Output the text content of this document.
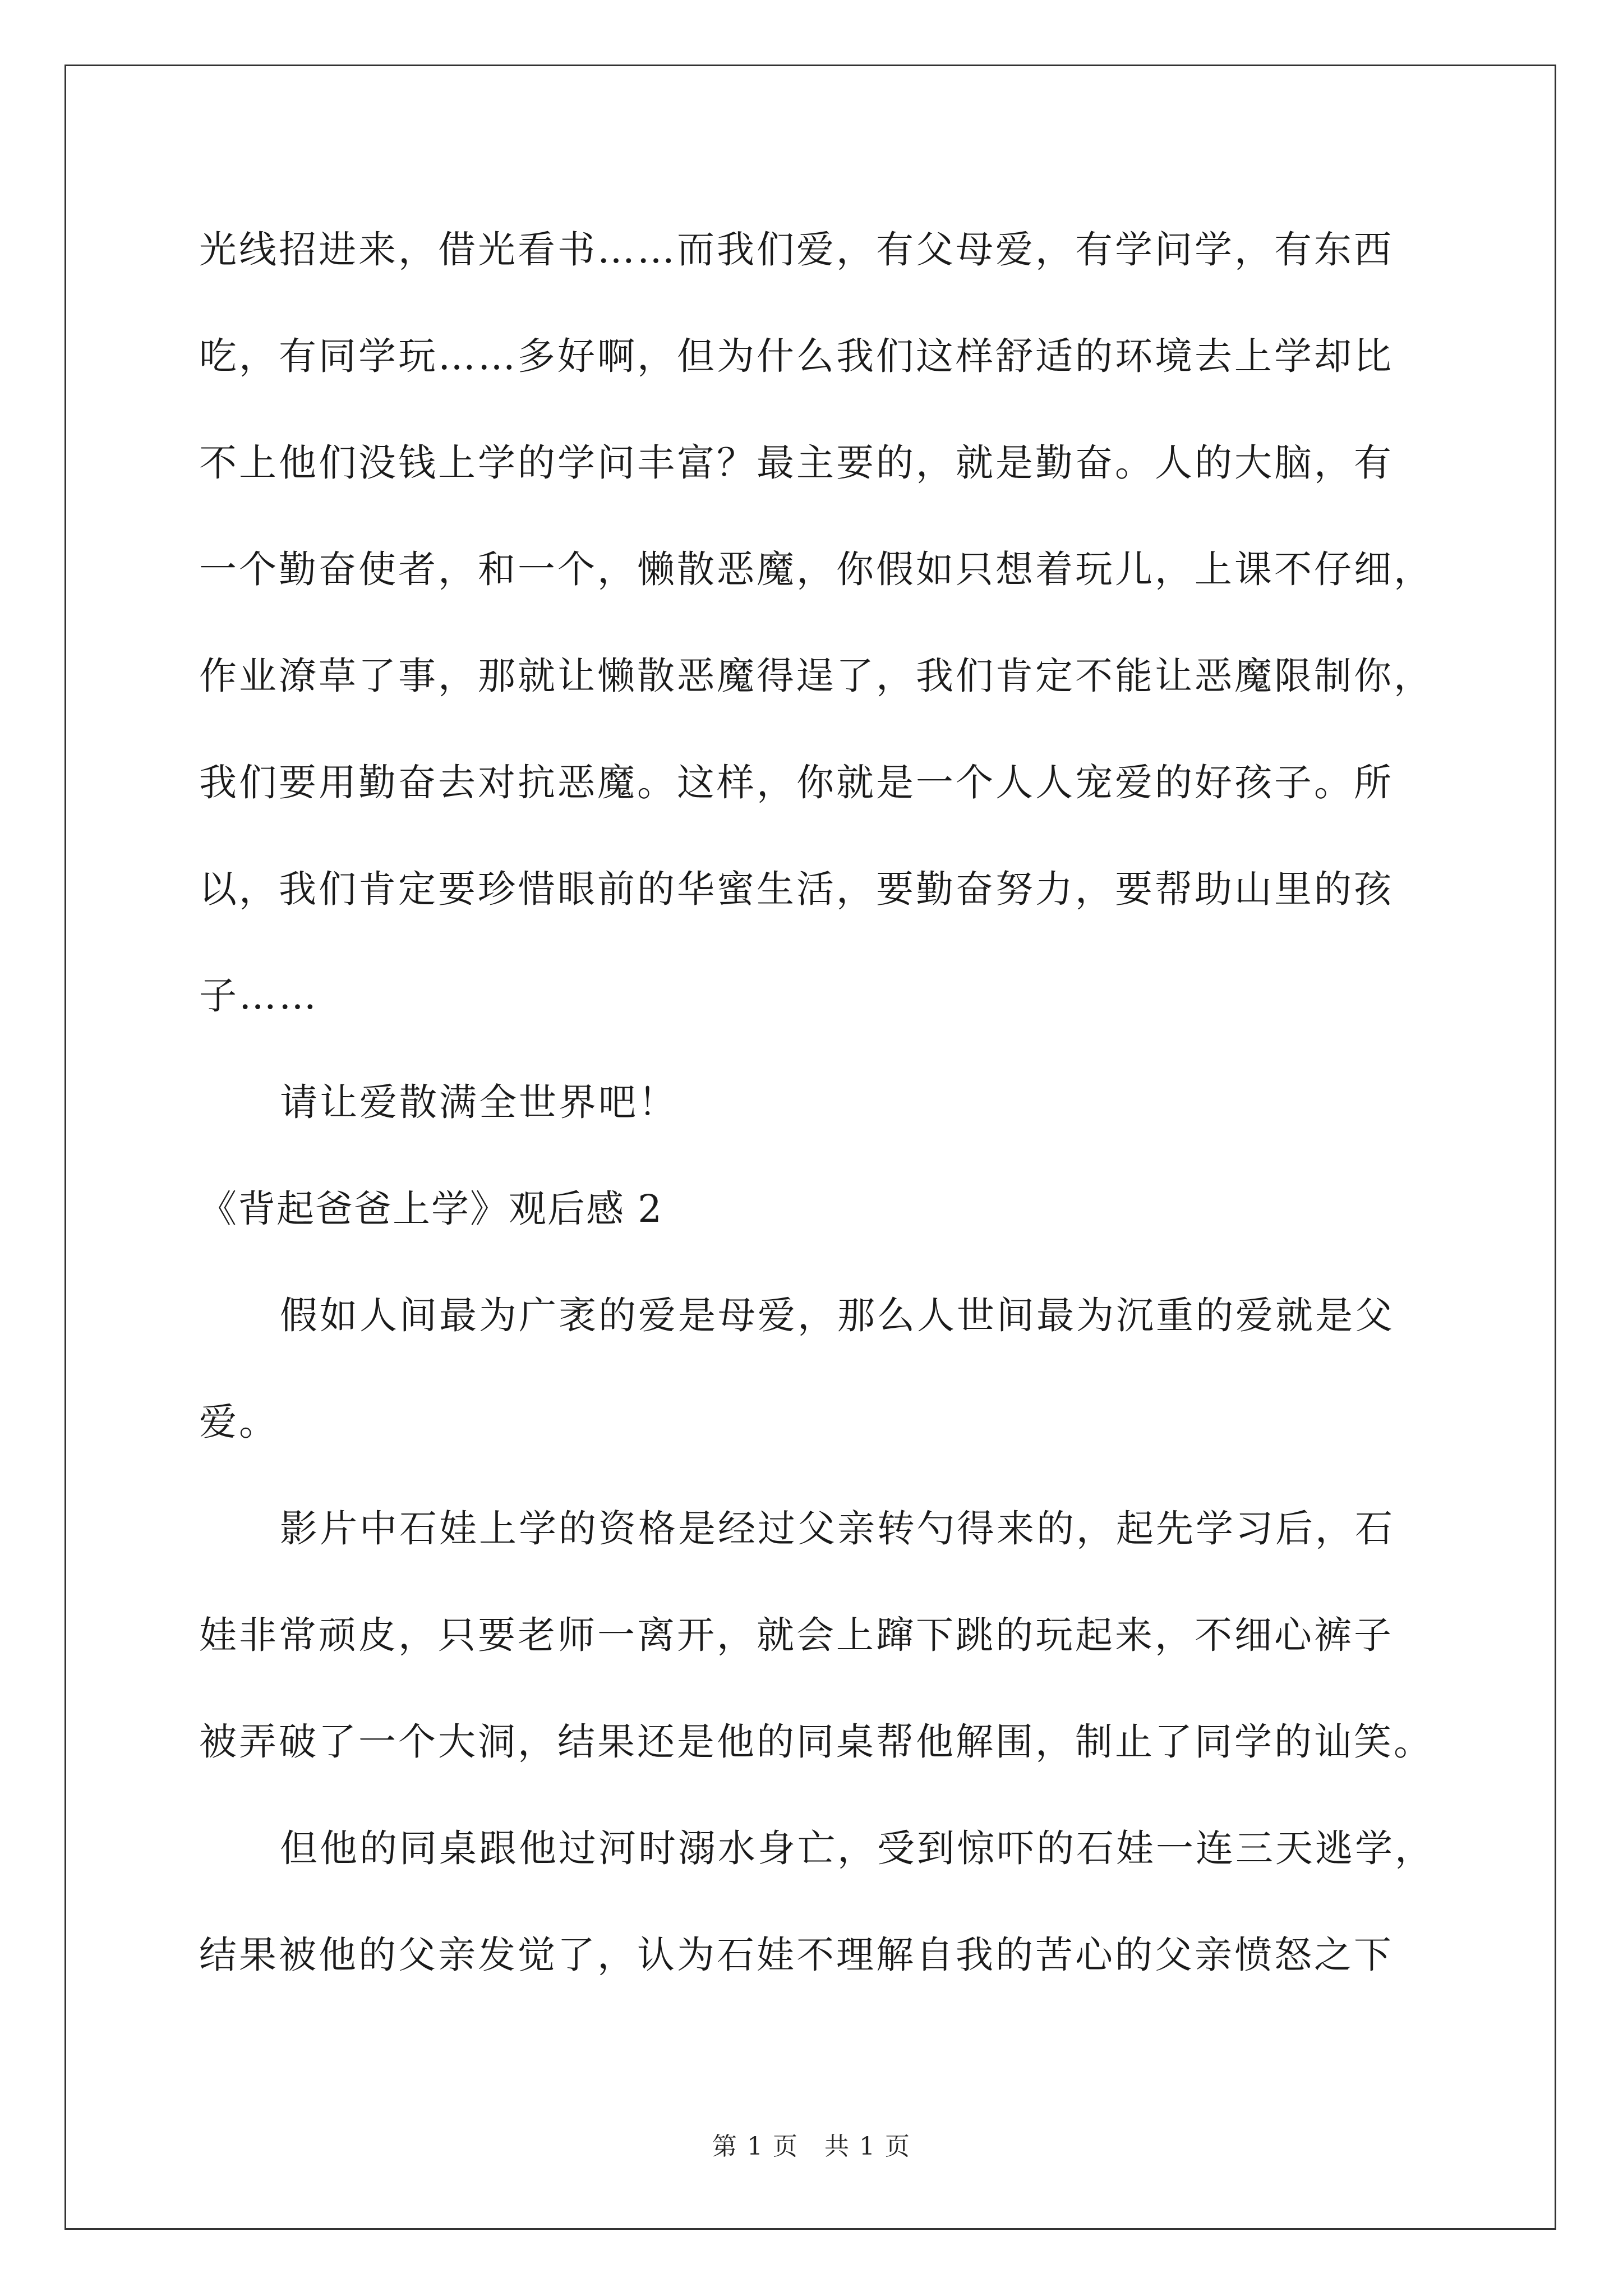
光线招进来，借光看书……而我们爱，有父母爱，有学问学，有东西
吃，有同学玩……多好啊，但为什么我们这样舒适的环境去上学却比
不上他们没钱上学的学问丰富？最主要的，就是勤奋。人的大脑，有
一个勤奋使者，和一个，懒散恶魔，你假如只想着玩儿，上课不仔细，
作业潦草了事，那就让懒散恶魔得逞了，我们肯定不能让恶魔限制你，
我们要用勤奋去对抗恶魔。这样，你就是一个人人宠爱的好孩子。所
以，我们肯定要珍惜眼前的华蜜生活，要勤奋努力，要帮助山里的孩
子……
请让爱散满全世界吧！
《背起爸爸上学》观后感 2
假如人间最为广袤的爱是母爱，那么人世间最为沉重的爱就是父
爱。
影片中石娃上学的资格是经过父亲转勺得来的，起先学习后，石
娃非常顽皮，只要老师一离开，就会上蹿下跳的玩起来，不细心裤子
被弄破了一个大洞，结果还是他的同桌帮他解围，制止了同学的讪笑。
但他的同桌跟他过河时溺水身亡，受到惊吓的石娃一连三天逃学，
结果被他的父亲发觉了，认为石娃不理解自我的苦心的父亲愤怒之下
第 1 页　共 1 页
